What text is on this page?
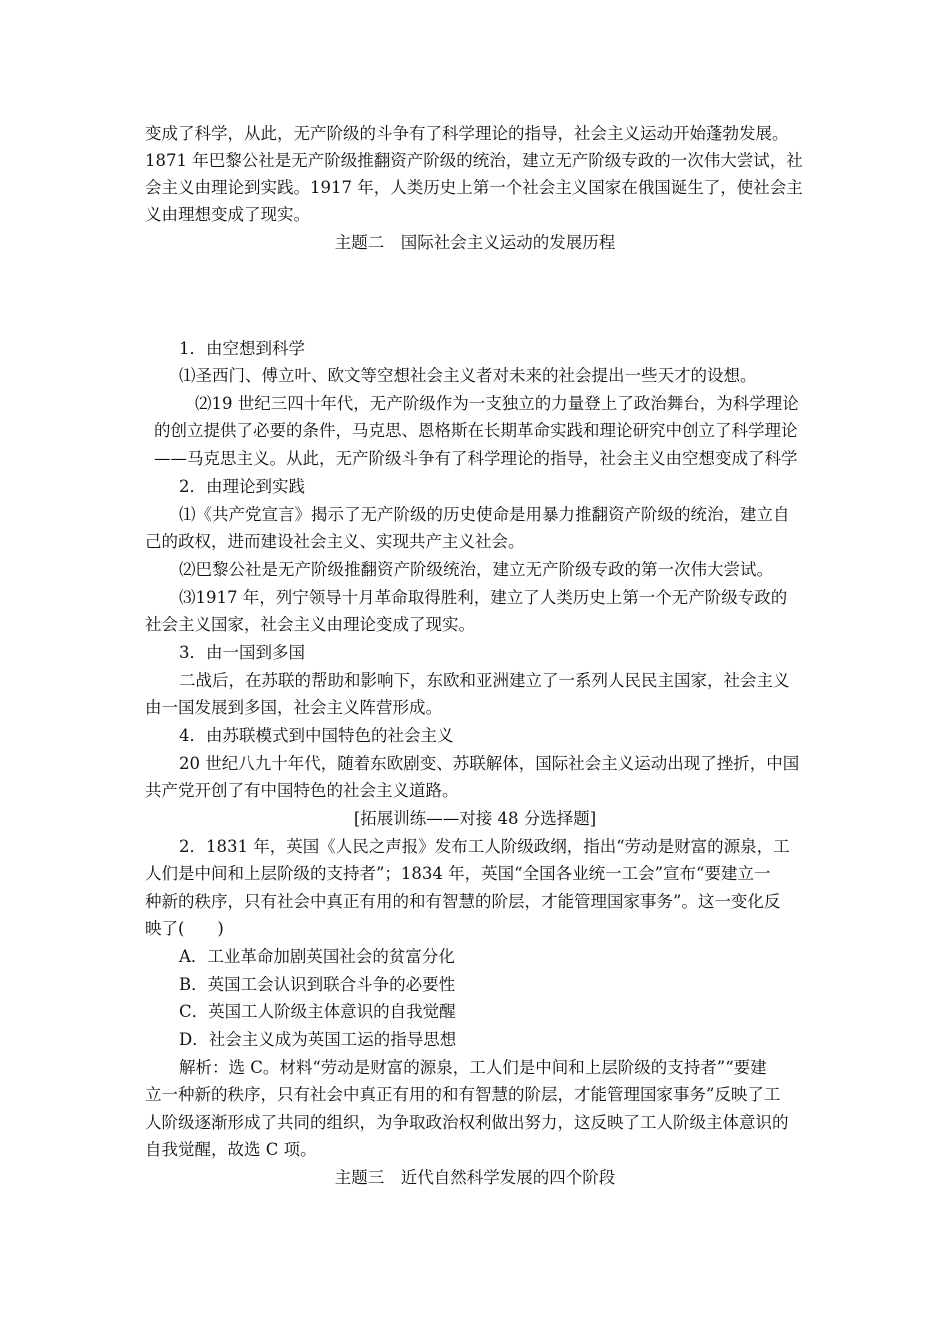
变成了科学，从此，无产阶级的斗争有了科学理论的指导，社会主义运动开始蓬勃发展。
1871 年巴黎公社是无产阶级推翻资产阶级的统治，建立无产阶级专政的一次伟大尝试，社
会主义由理论到实践。1917 年，人类历史上第一个社会主义国家在俄国诞生了，使社会主
义由理想变成了现实。
主题二　国际社会主义运动的发展历程
1．由空想到科学
⑴圣西门、傅立叶、欧文等空想社会主义者对未来的社会提出一些天才的设想。
⑵19 世纪三四十年代，无产阶级作为一支独立的力量登上了政治舞台，为科学理论
的创立提供了必要的条件，马克思、恩格斯在长期革命实践和理论研究中创立了科学理论
——马克思主义。从此，无产阶级斗争有了科学理论的指导，社会主义由空想变成了科学
2．由理论到实践
⑴《共产党宣言》揭示了无产阶级的历史使命是用暴力推翻资产阶级的统治，建立自
己的政权，进而建设社会主义、实现共产主义社会。
⑵巴黎公社是无产阶级推翻资产阶级统治，建立无产阶级专政的第一次伟大尝试。
⑶1917 年，列宁领导十月革命取得胜利，建立了人类历史上第一个无产阶级专政的
社会主义国家，社会主义由理论变成了现实。
3．由一国到多国
二战后，在苏联的帮助和影响下，东欧和亚洲建立了一系列人民民主国家，社会主义
由一国发展到多国，社会主义阵营形成。
4．由苏联模式到中国特色的社会主义
20 世纪八九十年代，随着东欧剧变、苏联解体，国际社会主义运动出现了挫折，中国
共产党开创了有中国特色的社会主义道路。
[拓展训练——对接 48 分选择题]
2．1831 年，英国《人民之声报》发布工人阶级政纲，指出“劳动是财富的源泉，工
人们是中间和上层阶级的支持者”；1834 年，英国“全国各业统一工会”宣布“要建立一
种新的秩序，只有社会中真正有用的和有智慧的阶层，才能管理国家事务”。这一变化反
映了(　　)
A．工业革命加剧英国社会的贫富分化
B．英国工会认识到联合斗争的必要性
C．英国工人阶级主体意识的自我觉醒
D．社会主义成为英国工运的指导思想
解析：选 C。材料“劳动是财富的源泉，工人们是中间和上层阶级的支持者”“要建
立一种新的秩序，只有社会中真正有用的和有智慧的阶层，才能管理国家事务”反映了工
人阶级逐渐形成了共同的组织，为争取政治权利做出努力，这反映了工人阶级主体意识的
自我觉醒，故选 C 项。
主题三　近代自然科学发展的四个阶段
